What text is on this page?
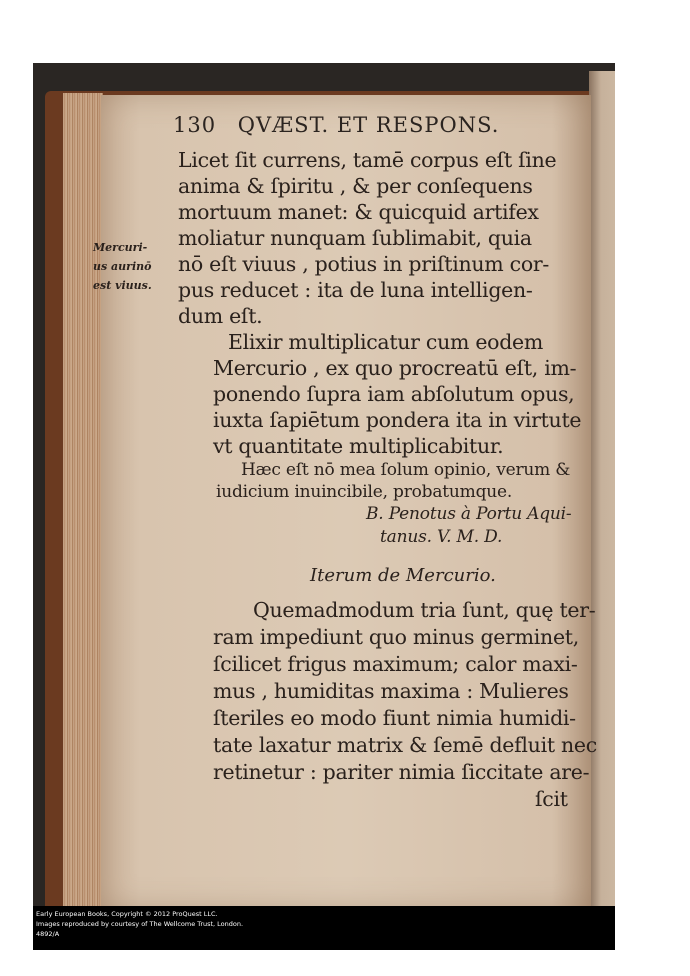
130 QVÆST. ET RESPONS.
Mercuri-
us aurinō
est viuus.
Licet ſit currens, tamē corpus eſt ſine
anima & ſpiritu , & per conſequens
mortuum manet: & quicquid artifex
moliatur nunquam ſublimabit, quia
nō eſt viuus , potius in priſtinum cor-
pus reducet : ita de luna intelligen-
dum eſt.
Elixir multiplicatur cum eodem
Mercurio , ex quo procreatū eſt, im-
ponendo ſupra iam abſolutum opus,
iuxta ſapiētum pondera ita in virtute
vt quantitate multiplicabitur.
Hæc eſt nō mea ſolum opinio, verum &
iudicium inuincibile, probatumque.
B. Penotus à Portu Aqui-
tanus. V. M. D.
Iterum de Mercurio.
Quemadmodum tria ſunt, quę ter-
ram impediunt quo minus germinet,
ſcilicet frigus maximum; calor maxi-
mus , humiditas maxima : Mulieres
ſteriles eo modo fiunt nimia humidi-
tate laxatur matrix & ſemē defluit nec
retinetur : pariter nimia ſiccitate are-
ſcit
Early European Books, Copyright © 2012 ProQuest LLC.
Images reproduced by courtesy of The Wellcome Trust, London.
4892/A
